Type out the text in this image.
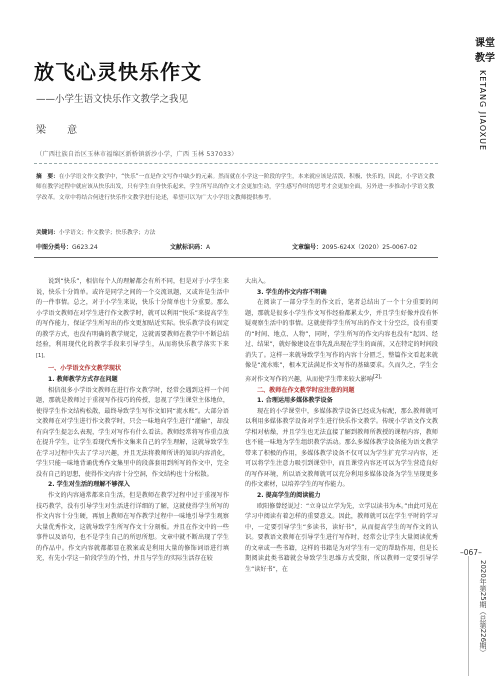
放飞心灵快乐作文
——小学生语文快乐作文教学之我见
梁 意
（广西壮族自治区玉林市福绵区新桥镇新沙小学，广西 玉林 537033）
摘　要：在小学语文作文教学中，“快乐”一直是作文写作中缺少的元素。然而就在小学这一阶段的学生，本来就应该是活泼、积极、快乐的，因此，小学语文教师在教学过程中就应该从快乐出发，只有学生自身快乐起来，学生所写出的作文才会更加生动，学生感写作时的思考才会更加全面，另外进一步推动小学语文教学改革。文章中将结合何进行快乐作文教学进行论述，希望可以为广大小学语文教师提供参考。
关键词：小学语文；作文教学；快乐教学；方法
中图分类号：G623.24	文献标识码：A	文章编号：2095-624X（2020）25-0067-02

说到“快乐”，相信每个人的理解都会有所不同，但是对于小学生来说，快乐十分简单。或许是同学之间的一个交流讯题，又或许是生活中的一件事情。总之，对于小学生来说，快乐十分简单也十分重要。那么小学语文教师在对学生进行作文教学时，就可以利用“快乐”来提高学生的写作能力，保证学生所写出的作文更加贴近实际。快乐教学没有固定的教学方式，也没有明确的教学规定，这就需要教师在教学中不断总结经验，利用现代化的教学手段来引导学生，从而将快乐教学落实下来$^{[1]。}$

一、小学语文作文教学现状
1. 教师教学方式存在问题

相信很多小学语文教师在进行作文教学时，经常会遇到这样一个问题，那就是教师过于重视写作技巧的传授，忽视了学生课堂主体地位，使得学生作文结构松散，最终导致学生写作文如同“流水账”。大部分语文教师在对学生进行作文教学时，只会一味地向学生进行“灌输”，却没有向学生提怎么表现，学生对写作有什么看法。教师经常将写作重点放在提升学生，让学生看现代秀作文集来自己的学生理解，这就导致学生在学习过程中失去了学习兴趣，并且无法将教师所讲的知识内容消化，学生只能一味地背诵优秀作文集里中的段落套用到所写的作文中，完全没有自己的思想，使得作文内容十分空洞，作文结构也十分松散。

2. 学生对生活的理解不够深入

作文的内容通常都来自生活，但是教师在教学过程中过于重视写作技巧教学，没有引导学生对生活进行详细的了解，这就使得学生所写的作文内容十分生硬，再加上教师在写作教学过程中一味地引导学生观察大量优秀作文，这就导致学生所写作文十分刻板。并且在作文中的一些事件以及语句，也不是学生自己的所思所想。文章中就不断出现了学生的作品中。作文内容就都都显在教案或是利用大量的修饰词语进行填充，有先小学这一阶段学生的个性，并且与学生的实际生活存在较

大出入。
3. 学生的作文内容不明确

在阅读了一部分学生的作文后，笔者总结出了一个十分重要的问题，那就是很多小学生作文写作经验都累太少，并且学生好像并没有怀疑观察生活中的事情。这就使得学生所写出的作文十分空泛，没有重要的“时间、地点、人物”，同时，学生所写的作文内容也没有“起因、经过、结果”，就好像建设在事先乱出现在学生的面前，又在特定的时间段消失了。这样一来就导致学生写作的内容十分匮乏，整篇作文看起来就像是“流水账”，根本无法满足作文写作的基础要求。久而久之，学生会弃对作文写作的兴趣，从而使学生带来较大影响$^{[2]。}$

二、教师在作文教学时应注意的问题
1. 合理运用多媒体教学设备

现在的小学课堂中，多媒体教学设备已经成为标配，那么教师就可以利用多媒体教学设备对学生进行快乐作文教学。传统小学语文作文教学相对枯燥，并且学生也无法直接了解到教师所教授的课程内容，教师也不能一味地为学生组织教学活动。那么多媒体教学设备能为语文教学带来了积极的作用，多媒体教学设备不仅可以为学生扩充学习内容，还可以将学生注意力吸引到课堂中，而且课堂内容还可以为学生营造良好的写作环境，所以语文教师就可以充分利用多媒体设备为学生呈现更多的作文素材，以培养学生的写作能力。

2. 提高学生的阅读能力

欧阳修曾经说过：“立身以立学为先，立学以读书为本。”由此可见在学习中阅读有着怎样的重要意义。因此，教师就可以在学生平时的学习中，一定要引导学生“多读书，读好书”，从而提高学生的写作文的认识。要教语文教师在引导学生进行写作时，经常会让学生大量阅读优秀的文章或一些书籍，这样的书籍是为对学生有一定的帮助作用，但是长期阅读此类书籍就会导致学生思维方式受限，所以教师一定要引导学生“读好书”，在

课堂
教学
KETANG JIAOXUE
–067–
2020年第25期（总第226期）
